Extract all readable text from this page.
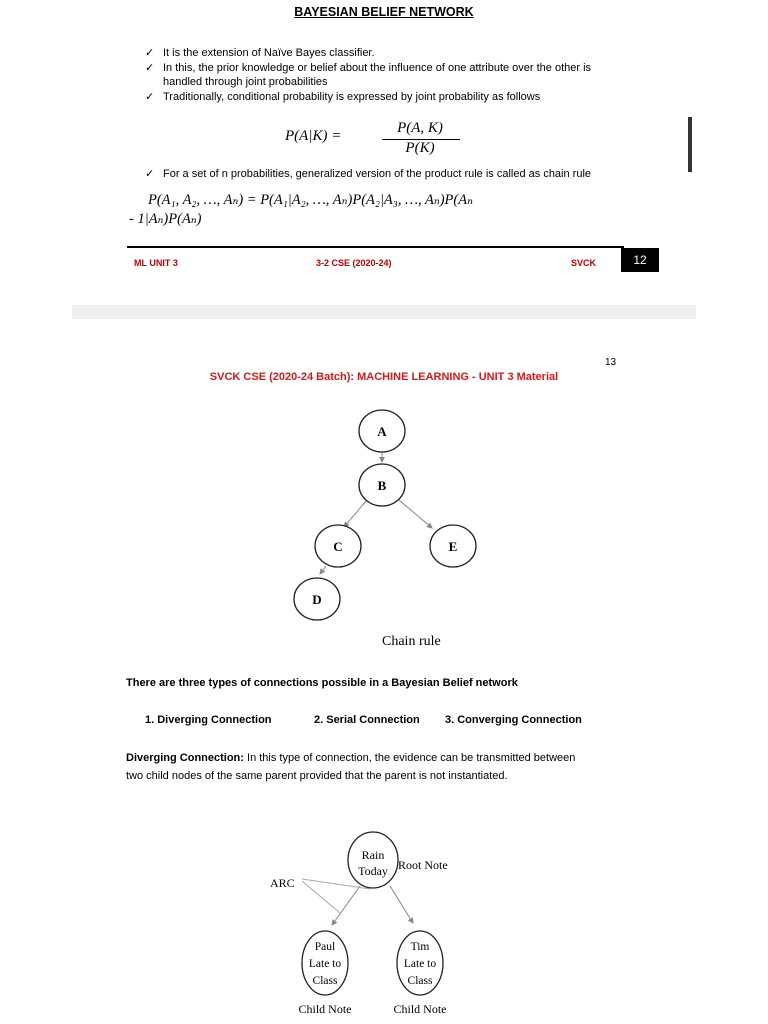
BAYESIAN BELIEF NETWORK
✓ It is the extension of Naïve Bayes classifier.
✓ In this, the prior knowledge or belief about the influence of one attribute over the other is handled through joint probabilities
✓ Traditionally, conditional probability is expressed by joint probability as follows
P(A|K) =	P(A, K)
P(K)
✓ For a set of n probabilities, generalized version of the product rule is called as chain rule
P(A₁, A₂, …, Aₙ) = P(A₁|A₂, …, Aₙ)P(A₂|A₃, …, Aₙ)P(Aₙ
- 1|Aₙ)P(Aₙ)
ML UNIT 3	3-2 CSE (2020-24)	SVCK	12
13
SVCK CSE (2020-24 Batch): MACHINE LEARNING - UNIT 3 Material
A
B
C
D
E
Chain rule
There are three types of connections possible in a Bayesian Belief network
1. Diverging Connection	2. Serial Connection 3. Converging Connection
Diverging Connection: In this type of connection, the evidence can be transmitted between
two child nodes of the same parent provided that the parent is not instantiated.
Rain
Today Root Note
ARC
Paul
Late to
Class
Tim
Late to
Class
Child Note	Child Note
